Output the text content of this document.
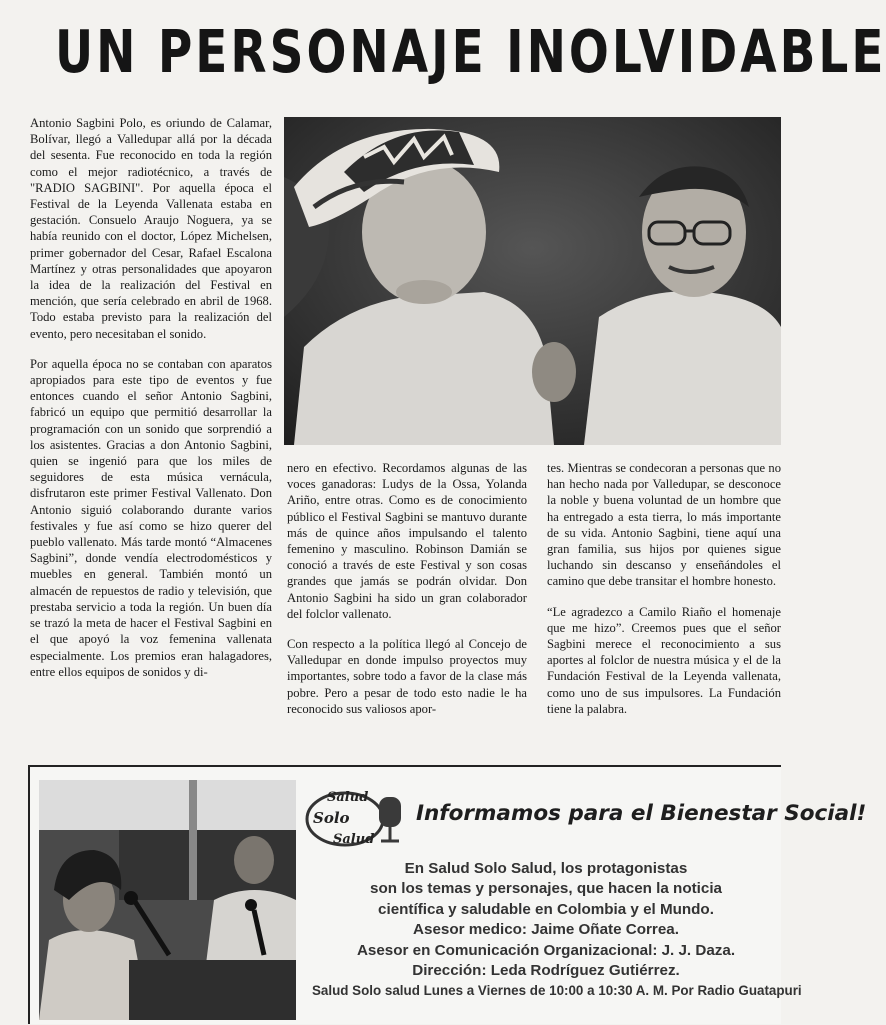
UN PERSONAJE INOLVIDABLE

Antonio Sagbini Polo, es oriundo de Calamar, Bolívar, llegó a Valledupar allá por la década del sesenta. Fue reconocido en toda la región como el mejor radiotécnico, a través de "RADIO SAGBINI". Por aquella época el Festival de la Leyenda Vallenata estaba en gestación. Consuelo Araujo Noguera, ya se había reunido con el doctor, López Michelsen, primer gobernador del Cesar, Rafael Escalona Martínez y otras personalidades que apoyaron la idea de la realización del Festival en mención, que sería celebrado en abril de 1968. Todo estaba previsto para la realización del evento, pero necesitaban el sonido.

Por aquella época no se contaban con aparatos apropiados para este tipo de eventos y fue entonces cuando el señor Antonio Sagbini, fabricó un equipo que permitió desarrollar la programación con un sonido que sorprendió a los asistentes. Gracias a don Antonio Sagbini, quien se ingenió para que los miles de seguidores de esta música vernácula, disfrutaron este primer Festival Vallenato. Don Antonio siguió colaborando durante varios festivales y fue así como se hizo querer del pueblo vallenato. Más tarde montó “Almacenes Sagbini”, donde vendía electrodomésticos y muebles en general. También montó un almacén de repuestos de radio y televisión, que prestaba servicio a toda la región. Un buen día se trazó la meta de hacer el Festival Sagbini en el que apoyó la voz femenina vallenata especialmente. Los premios eran halagadores, entre ellos equipos de sonidos y di-

nero en efectivo. Recordamos algunas de las voces ganadoras: Ludys de la Ossa, Yolanda Ariño, entre otras. Como es de conocimiento público el Festival Sagbini se mantuvo durante más de quince años impulsando el talento femenino y masculino. Robinson Damián se conoció a través de este Festival y son cosas grandes que jamás se podrán olvidar. Don Antonio Sagbini ha sido un gran colaborador del folclor vallenato.

Con respecto a la política llegó al Concejo de Valledupar en donde impulso proyectos muy importantes, sobre todo a favor de la clase más pobre. Pero a pesar de todo esto nadie le ha reconocido sus valiosos apor-

tes. Mientras se condecoran a personas que no han hecho nada por Valledupar, se desconoce la noble y buena voluntad de un hombre que ha entregado a esta tierra, lo más importante de su vida. Antonio Sagbini, tiene aquí una gran familia, sus hijos por quienes sigue luchando sin descanso y enseñándoles el camino que debe transitar el hombre honesto.

“Le agradezco a Camilo Riaño el homenaje que me hizo”. Creemos pues que el señor Sagbini merece el reconocimiento a sus aportes al folclor de nuestra música y el de la Fundación Festival de la Leyenda vallenata, como uno de sus impulsores. La Fundación tiene la palabra.

Salud
Solo
Salud
Informamos para el Bienestar Social!
En Salud Solo Salud, los protagonistas
son los temas y personajes, que hacen la noticia
científica y saludable en Colombia y el Mundo.
Asesor medico: Jaime Oñate Correa.
Asesor en Comunicación Organizacional: J. J. Daza.
Dirección: Leda Rodríguez Gutiérrez.
Salud Solo salud Lunes a Viernes de 10:00 a 10:30 A. M. Por Radio Guatapuri
